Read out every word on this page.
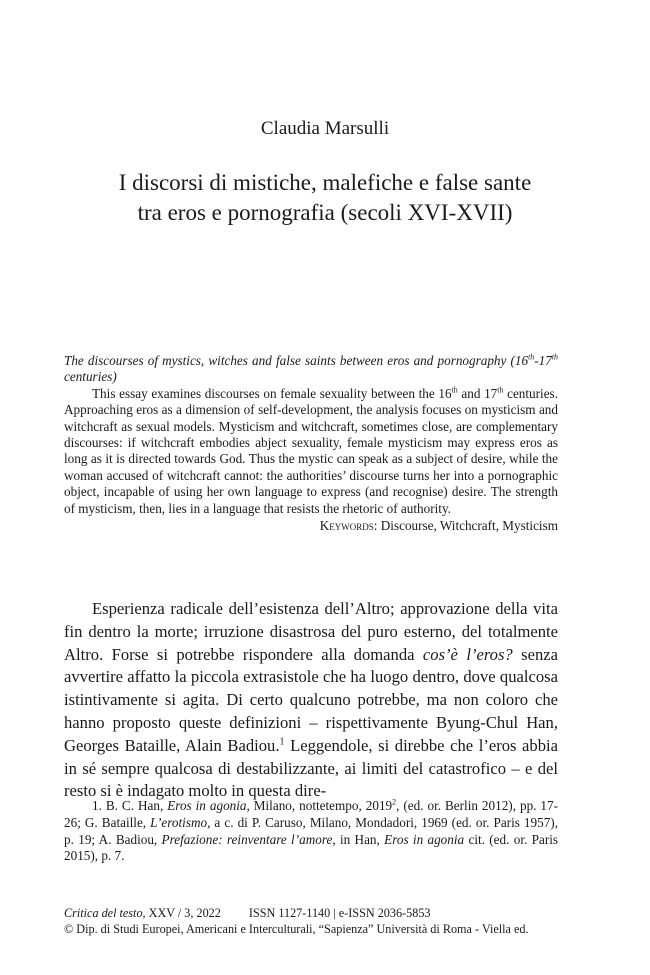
Claudia Marsulli
I discorsi di mistiche, malefiche e false sante
tra eros e pornografia (secoli XVI-XVII)
The discourses of mystics, witches and false saints between eros and pornography (16th-17th centuries)

This essay examines discourses on female sexuality between the 16th and 17th centuries. Approaching eros as a dimension of self-development, the analysis focuses on mysticism and witchcraft as sexual models. Mysticism and witchcraft, sometimes close, are complementary discourses: if witchcraft embodies abject sexuality, female mysticism may express eros as long as it is directed towards God. Thus the mystic can speak as a subject of desire, while the woman accused of witchcraft cannot: the authorities’ discourse turns her into a pornographic object, incapable of using her own language to express (and recognise) desire. The strength of mysticism, then, lies in a language that resists the rhetoric of authority.

Keywords: Discourse, Witchcraft, Mysticism

Esperienza radicale dell’esistenza dell’Altro; approvazione della vita fin dentro la morte; irruzione disastrosa del puro esterno, del totalmente Altro. Forse si potrebbe rispondere alla domanda cos’è l’eros? senza avvertire affatto la piccola extrasistole che ha luogo dentro, dove qualcosa istintivamente si agita. Di certo qualcuno potrebbe, ma non coloro che hanno proposto queste definizioni – rispettivamente Byung-Chul Han, Georges Bataille, Alain Badiou.$^1$ Leggendole, si direbbe che l’eros abbia in sé sempre qualcosa di destabilizzante, ai limiti del catastrofico – e del resto si è indagato molto in questa dire-

1. B. C. Han, Eros in agonia, Milano, nottetempo, 2019$^2$, (ed. or. Berlin 2012), pp. 17-26; G. Bataille, L’erotismo, a c. di P. Caruso, Milano, Mondadori, 1969 (ed. or. Paris 1957), p. 19; A. Badiou, Prefazione: reinventare l’amore, in Han, Eros in agonia cit. (ed. or. Paris 2015), p. 7.

Critica del testo, XXV / 3, 2022 ISSN 1127-1140 | e-ISSN 2036-5853
© Dip. di Studi Europei, Americani e Interculturali, “Sapienza” Università di Roma - Viella ed.
